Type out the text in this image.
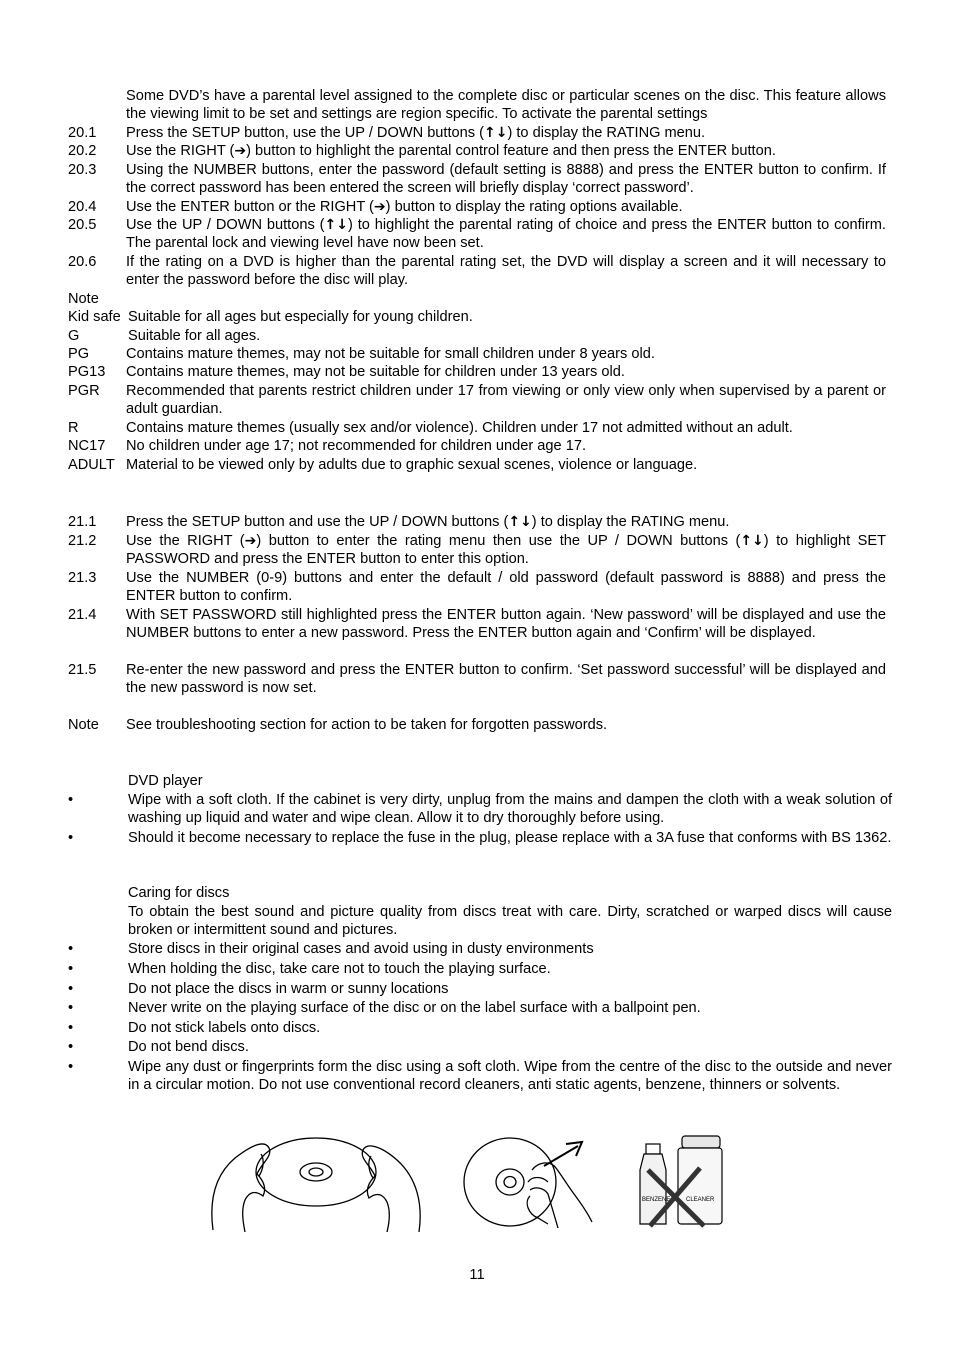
Some DVD’s have a parental level assigned to the complete disc or particular scenes on the disc. This feature allows the viewing limit to be set and settings are region specific. To activate the parental settings
20.1	Press the SETUP button, use the UP / DOWN buttons (↑↓) to display the RATING menu.
20.2	Use the RIGHT (➔) button to highlight the parental control feature and then press the ENTER button.
20.3	Using the NUMBER buttons, enter the password (default setting is 8888) and press the ENTER button to confirm. If the correct password has been entered the screen will briefly display ‘correct password’.
20.4	Use the ENTER button or the RIGHT (➔) button to display the rating options available.
20.5	Use the UP / DOWN buttons (↑↓) to highlight the parental rating of choice and press the ENTER button to confirm. The parental lock and viewing level have now been set.
20.6	If the rating on a DVD is higher than the parental rating set, the DVD will display a screen and it will necessary to enter the password before the disc will play.
Note
Kid safe Suitable for all ages but especially for young children.
G	Suitable for all ages.
PG	Contains mature themes, may not be suitable for small children under 8 years old.
PG13	Contains mature themes, may not be suitable for children under 13 years old.
PGR	Recommended that parents restrict children under 17 from viewing or only view only when supervised by a parent or adult guardian.
R	Contains mature themes (usually sex and/or violence). Children under 17 not admitted without an adult.
NC17	No children under age 17; not recommended for children under age 17.
ADULT Material to be viewed only by adults due to graphic sexual scenes, violence or language.
21.1	Press the SETUP button and use the UP / DOWN buttons (↑↓) to display the RATING menu.
21.2	Use the RIGHT (➔) button to enter the rating menu then use the UP / DOWN buttons (↑↓) to highlight SET PASSWORD and press the ENTER button to enter this option.
21.3	Use the NUMBER (0-9) buttons and enter the default / old password (default password is 8888) and press the ENTER button to confirm.
21.4	With SET PASSWORD still highlighted press the ENTER button again. ‘New password’ will be displayed and use the NUMBER buttons to enter a new password. Press the ENTER button again and ‘Confirm’ will be displayed.
21.5	Re-enter the new password and press the ENTER button to confirm. ‘Set password successful’ will be displayed and the new password is now set.
Note	See troubleshooting section for action to be taken for forgotten passwords.
DVD player
•	Wipe with a soft cloth. If the cabinet is very dirty, unplug from the mains and dampen the cloth with a weak solution of washing up liquid and water and wipe clean. Allow it to dry thoroughly before using.
•	Should it become necessary to replace the fuse in the plug, please replace with a 3A fuse that conforms with BS 1362.
Caring for discs
To obtain the best sound and picture quality from discs treat with care. Dirty, scratched or warped discs will cause broken or intermittent sound and pictures.
•	Store discs in their original cases and avoid using in dusty environments
•	When holding the disc, take care not to touch the playing surface.
•	Do not place the discs in warm or sunny locations
•	Never write on the playing surface of the disc or on the label surface with a ballpoint pen.
•	Do not stick labels onto discs.
•	Do not bend discs.
•	Wipe any dust or fingerprints form the disc using a soft cloth. Wipe from the centre of the disc to the outside and never in a circular motion. Do not use conventional record cleaners, anti static agents, benzene, thinners or solvents.
BENZENE	CLEANER
11
